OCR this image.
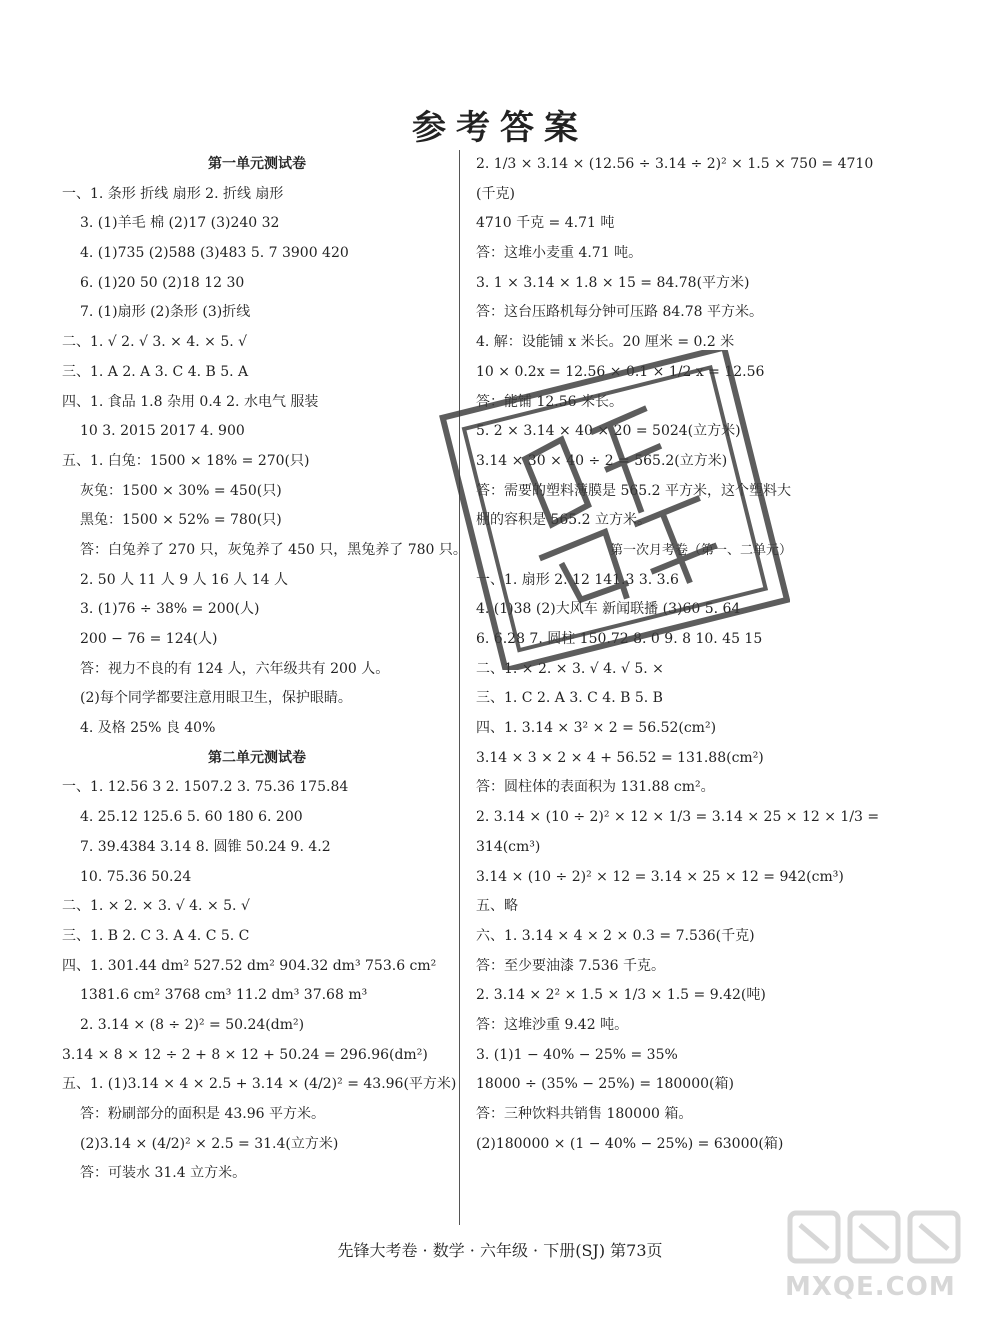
参考答案
第一单元测试卷
一、1. 条形 折线 扇形 2. 折线 扇形
3. (1)羊毛 棉 (2)17 (3)240 32
4. (1)735 (2)588 (3)483 5. 7 3900 420
6. (1)20 50 (2)18 12 30
7. (1)扇形 (2)条形 (3)折线
二、1. √ 2. √ 3. × 4. × 5. √
三、1. A 2. A 3. C 4. B 5. A
四、1. 食品 1.8 杂用 0.4 2. 水电气 服装
10 3. 2015 2017 4. 900
五、1. 白兔：1500 × 18% = 270(只)
灰兔：1500 × 30% = 450(只)
黑兔：1500 × 52% = 780(只)
答：白兔养了 270 只，灰兔养了 450 只，黑兔养了 780 只。
2. 50 人 11 人 9 人 16 人 14 人
3. (1)76 ÷ 38% = 200(人)
200 − 76 = 124(人)
答：视力不良的有 124 人，六年级共有 200 人。
(2)每个同学都要注意用眼卫生，保护眼睛。
4. 及格 25% 良 40%
第二单元测试卷
一、1. 12.56 3 2. 1507.2 3. 75.36 175.84
4. 25.12 125.6 5. 60 180 6. 200
7. 39.4384 3.14 8. 圆锥 50.24 9. 4.2
10. 75.36 50.24
二、1. × 2. × 3. √ 4. × 5. √
三、1. B 2. C 3. A 4. C 5. C
四、1. 301.44 dm² 527.52 dm² 904.32 dm³ 753.6 cm²
1381.6 cm² 3768 cm³ 11.2 dm³ 37.68 m³
2. 3.14 × (8 ÷ 2)² = 50.24(dm²)
3.14 × 8 × 12 ÷ 2 + 8 × 12 + 50.24 = 296.96(dm²)
五、1. (1)3.14 × 4 × 2.5 + 3.14 × (4/2)² = 43.96(平方米)
答：粉刷部分的面积是 43.96 平方米。
(2)3.14 × (4/2)² × 2.5 = 31.4(立方米)
答：可装水 31.4 立方米。
2. 1/3 × 3.14 × (12.56 ÷ 3.14 ÷ 2)² × 1.5 × 750 = 4710
(千克)
4710 千克 = 4.71 吨
答：这堆小麦重 4.71 吨。
3. 1 × 3.14 × 1.8 × 15 = 84.78(平方米)
答：这台压路机每分钟可压路 84.78 平方米。
4. 解：设能铺 x 米长。20 厘米 = 0.2 米
10 × 0.2x = 12.56 × 0.1 × 1/2 x = 12.56
答：能铺 12.56 米长。
5. 2 × 3.14 × 40 × 20 = 5024(立方米)
3.14 × 30 × 40 ÷ 2 = 565.2(立方米)
答：需要的塑料薄膜是 565.2 平方米，这个塑料大
棚的容积是 565.2 立方米。
第一次月考卷（第一、二单元）
一、1. 扇形 2. 12 141.3 3. 3.6
4. (1)38 (2)大风车 新闻联播 (3)60 5. 64
6. 6.28 7. 圆柱 150.72 8. 0 9. 8 10. 45 15
二、1. × 2. × 3. √ 4. √ 5. ×
三、1. C 2. A 3. C 4. B 5. B
四、1. 3.14 × 3² × 2 = 56.52(cm²)
3.14 × 3 × 2 × 4 + 56.52 = 131.88(cm²)
答：圆柱体的表面积为 131.88 cm²。
2. 3.14 × (10 ÷ 2)² × 12 × 1/3 = 3.14 × 25 × 12 × 1/3 =
314(cm³)
3.14 × (10 ÷ 2)² × 12 = 3.14 × 25 × 12 = 942(cm³)
五、略
六、1. 3.14 × 4 × 2 × 0.3 = 7.536(千克)
答：至少要油漆 7.536 千克。
2. 3.14 × 2² × 1.5 × 1/3 × 1.5 = 9.42(吨)
答：这堆沙重 9.42 吨。
3. (1)1 − 40% − 25% = 35%
18000 ÷ (35% − 25%) = 180000(箱)
答：三种饮料共销售 180000 箱。
(2)180000 × (1 − 40% − 25%) = 63000(箱)
MXQE.COM
先锋大考卷 · 数学 · 六年级 · 下册(SJ) 第73页
